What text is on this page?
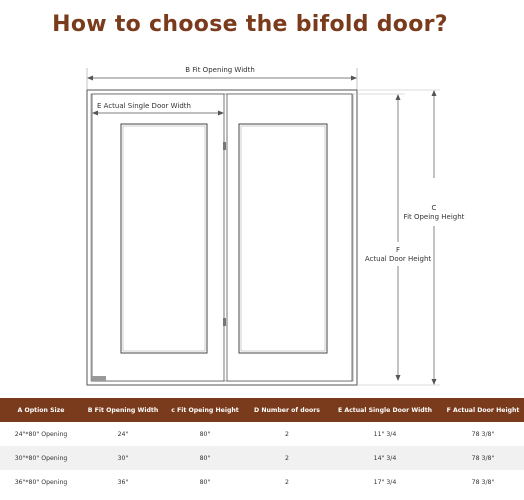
How to choose the bifold door?
B Fit Opening Width
E Actual Single Door Width
C
Fit Opeing Height
F
Actual Door Height
A Option Size	B Fit Opening Width	c Fit Opeing Height	D Number of doors	E Actual Single Door Width	F Actual Door Height
24"*80" Opening	24"	80"	2	11" 3/4	78 3/8"
30"*80" Opening	30"	80"	2	14" 3/4	78 3/8"
36"*80" Opening	36"	80"	2	17" 3/4	78 3/8"
